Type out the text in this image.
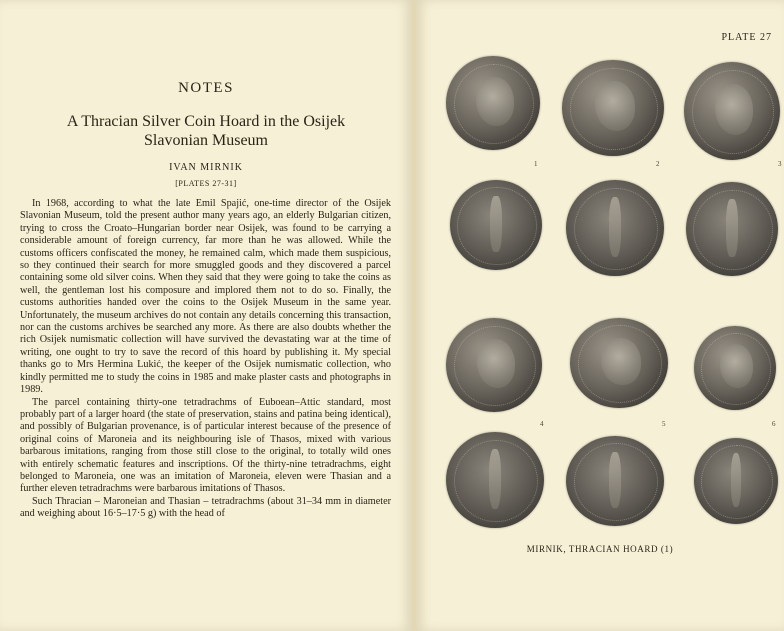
NOTES
A Thracian Silver Coin Hoard in the Osijek Slavonian Museum
IVAN MIRNIK
[PLATES 27-31]

In 1968, according to what the late Emil Spajić, one-time director of the Osijek Slavonian Museum, told the present author many years ago, an elderly Bulgarian citizen, trying to cross the Croato–Hungarian border near Osijek, was found to be carrying a considerable amount of foreign currency, far more than he was allowed. While the customs officers confiscated the money, he remained calm, which made them suspicious, so they continued their search for more smuggled goods and they discovered a parcel containing some old silver coins. When they said that they were going to take the coins as well, the gentleman lost his composure and implored them not to do so. Finally, the customs authorities handed over the coins to the Osijek Museum in the same year. Unfortunately, the museum archives do not contain any details concerning this transaction, nor can the customs archives be searched any more. As there are also doubts whether the rich Osijek numismatic collection will have survived the devastating war at the time of writing, one ought to try to save the record of this hoard by publishing it. My special thanks go to Mrs Hermina Lukić, the keeper of the Osijek numismatic collection, who kindly permitted me to study the coins in 1985 and make plaster casts and photographs in 1989.

The parcel containing thirty-one tetradrachms of Euboean–Attic standard, most probably part of a larger hoard (the state of preservation, stains and patina being identical), and possibly of Bulgarian provenance, is of particular interest because of the presence of original coins of Maroneia and its neighbouring isle of Thasos, mixed with various barbarous imitations, ranging from those still close to the original, to totally wild ones with entirely schematic features and inscriptions. Of the thirty-nine tetradrachms, eight belonged to Maroneia, one was an imitation of Maroneia, eleven were Thasian and a further eleven tetradrachms were barbarous imitations of Thasos.

Such Thracian – Maroneian and Thasian – tetradrachms (about 31–34 mm in diameter and weighing about 16·5–17·5 g) with the head of

PLATE 27
1	2	3
4	5	6
MIRNIK, THRACIAN HOARD (1)
